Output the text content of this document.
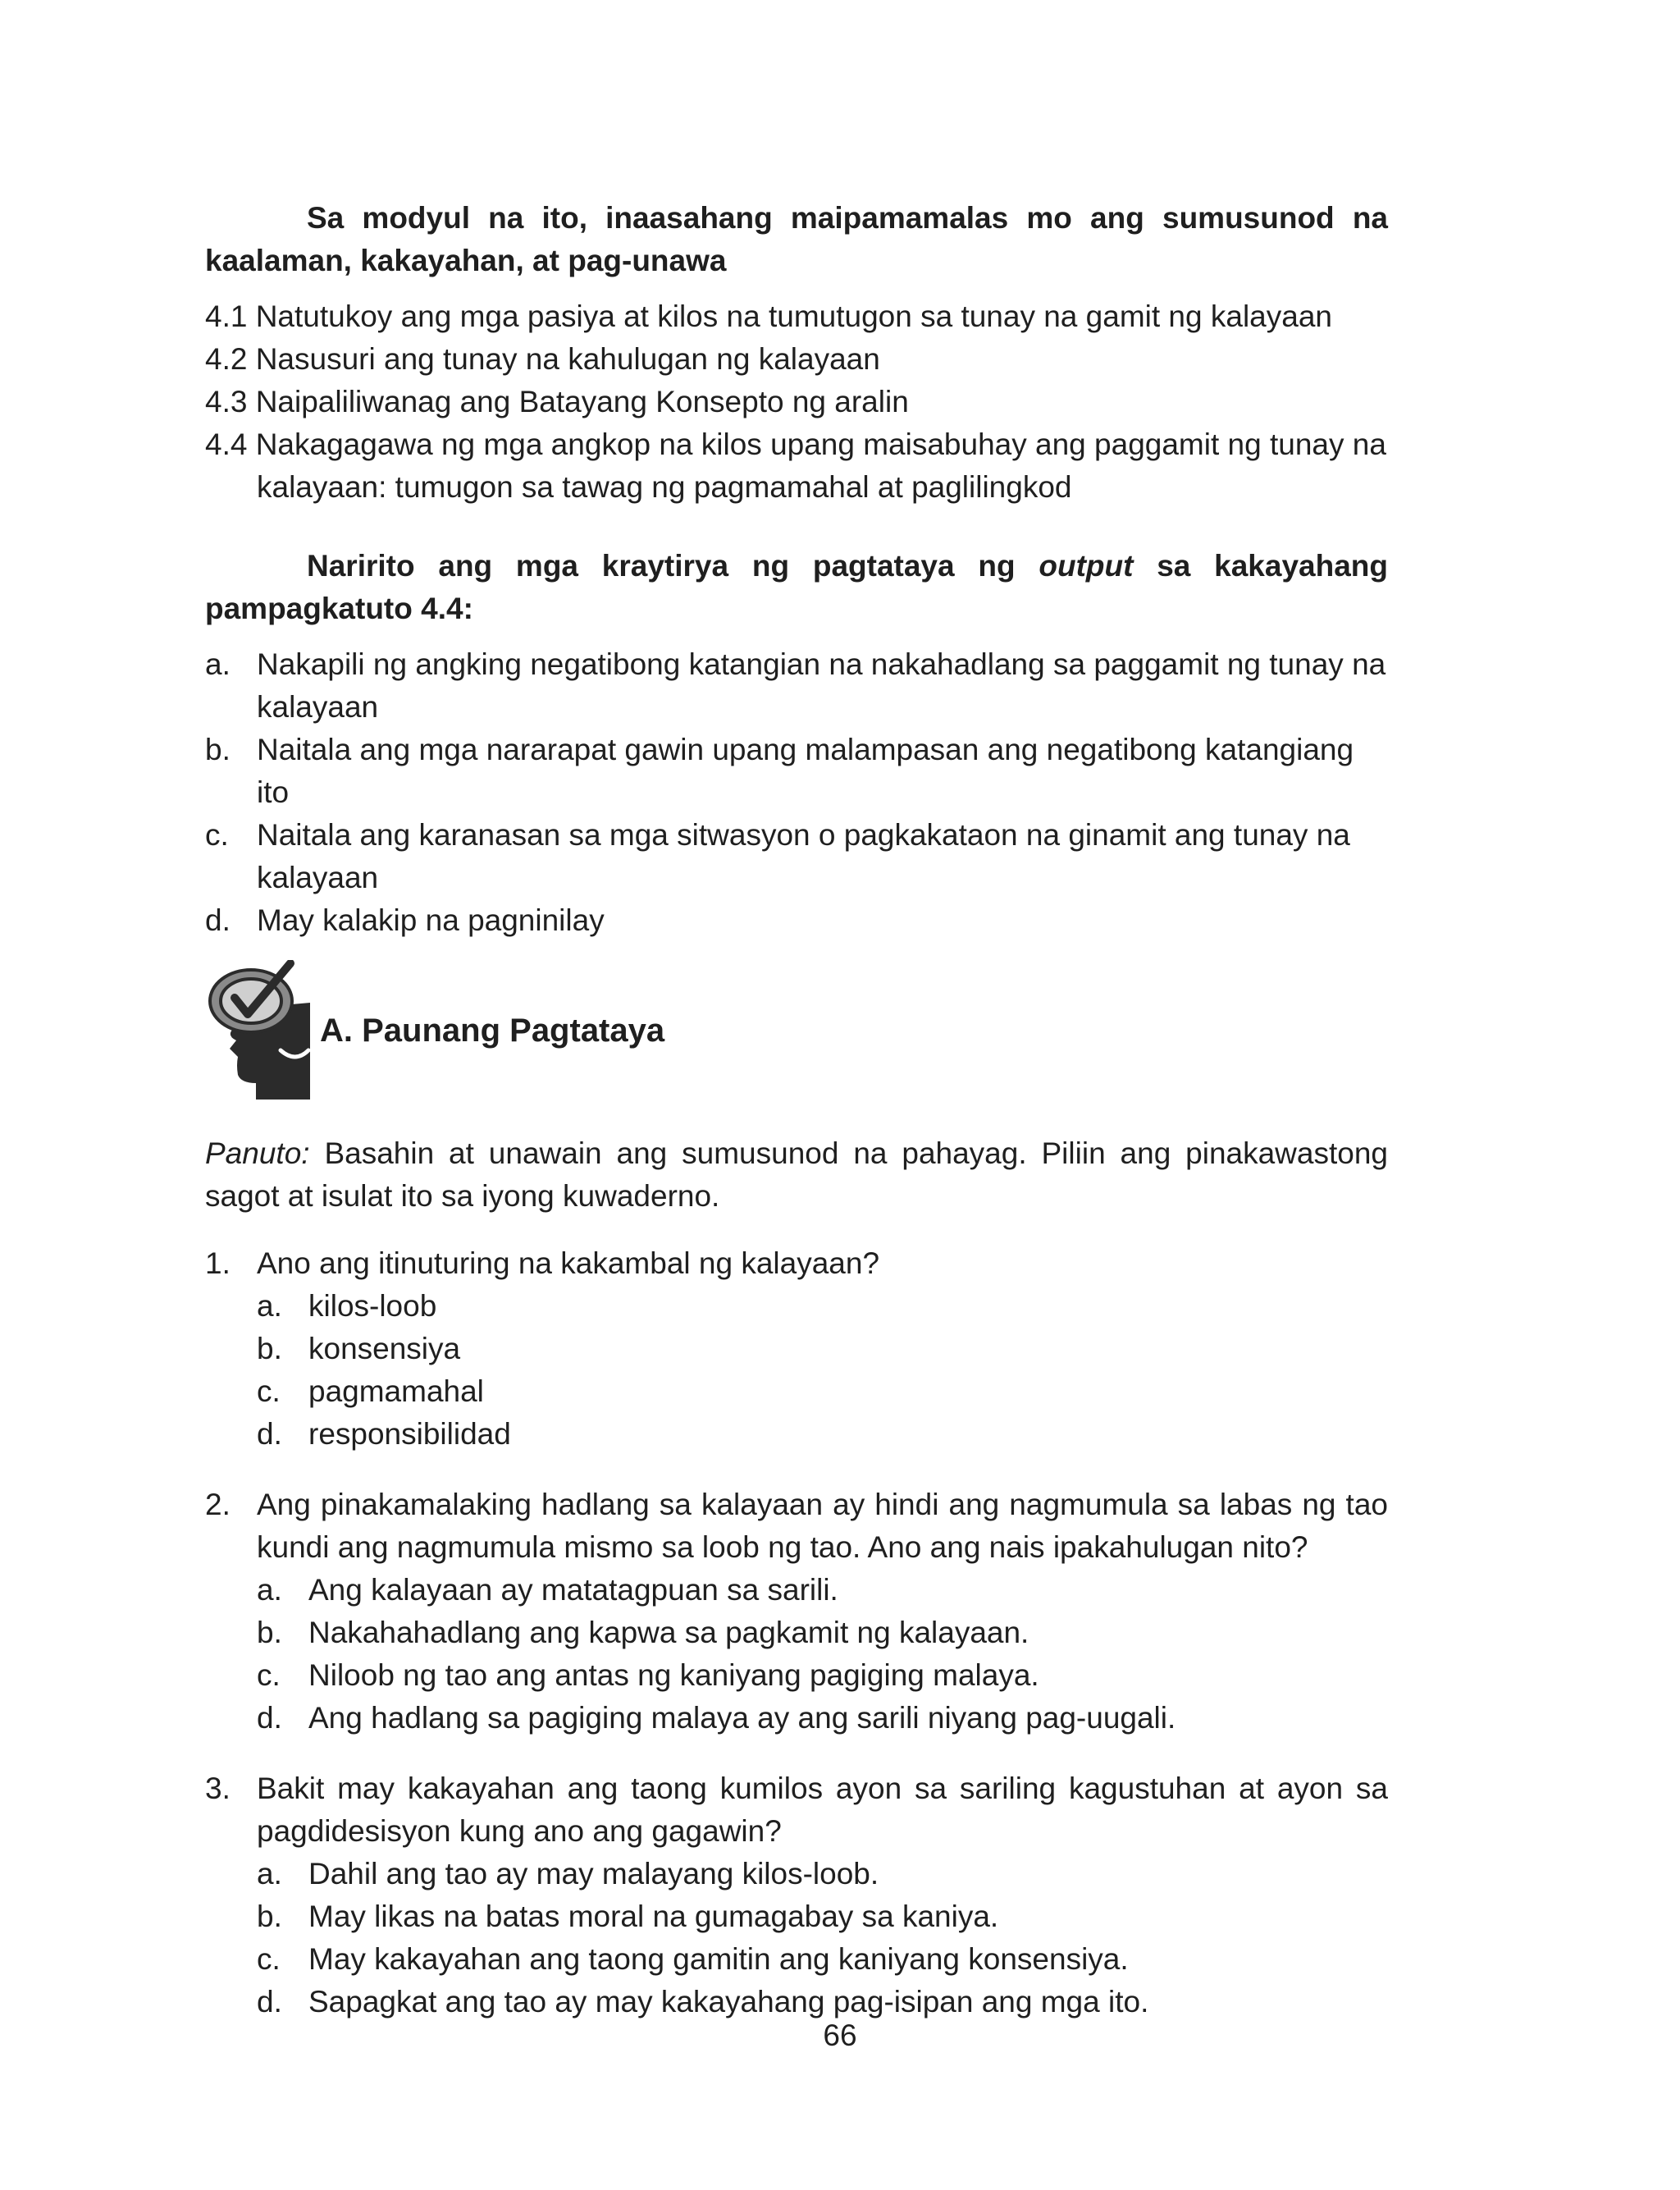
Sa modyul na ito, inaasahang maipamamalas mo ang sumusunod na kaalaman, kakayahan, at pag-unawa

4.1 Natutukoy ang mga pasiya at kilos na tumutugon sa tunay na gamit ng kalayaan

4.2 Nasusuri ang tunay na kahulugan ng kalayaan

4.3 Naipaliliwanag ang Batayang Konsepto ng aralin

4.4 Nakagagawa ng mga angkop na kilos upang maisabuhay ang paggamit ng tunay na kalayaan: tumugon sa tawag ng pagmamahal at paglilingkod

Naririto ang mga kraytirya ng pagtataya ng output sa kakayahang pampagkatuto 4.4:

a. Nakapili ng angking negatibong katangian na nakahadlang sa paggamit ng tunay na kalayaan
b. Naitala ang mga nararapat gawin upang malampasan ang negatibong katangiang ito
c. Naitala ang karanasan sa mga sitwasyon o pagkakataon na ginamit ang tunay na kalayaan
d. May kalakip na pagninilay
A. Paunang Pagtataya

Panuto: Basahin at unawain ang sumusunod na pahayag. Piliin ang pinakawastong sagot at isulat ito sa iyong kuwaderno.

1. Ano ang itinuturing na kakambal ng kalayaan?

a. kilos-loob
b. konsensiya
c. pagmamahal
d. responsibilidad
2. Ang pinakamalaking hadlang sa kalayaan ay hindi ang nagmumula sa labas ng tao kundi ang nagmumula mismo sa loob ng tao. Ano ang nais ipakahulugan nito?

a. Ang kalayaan ay matatagpuan sa sarili.
b. Nakahahadlang ang kapwa sa pagkamit ng kalayaan.
c. Niloob ng tao ang antas ng kaniyang pagiging malaya.
d. Ang hadlang sa pagiging malaya ay ang sarili niyang pag-uugali.
3. Bakit may kakayahan ang taong kumilos ayon sa sariling kagustuhan at ayon sa pagdidesisyon kung ano ang gagawin?

a. Dahil ang tao ay may malayang kilos-loob.
b. May likas na batas moral na gumagabay sa kaniya.
c. May kakayahan ang taong gamitin ang kaniyang konsensiya.
d. Sapagkat ang tao ay may kakayahang pag-isipan ang mga ito.
66
